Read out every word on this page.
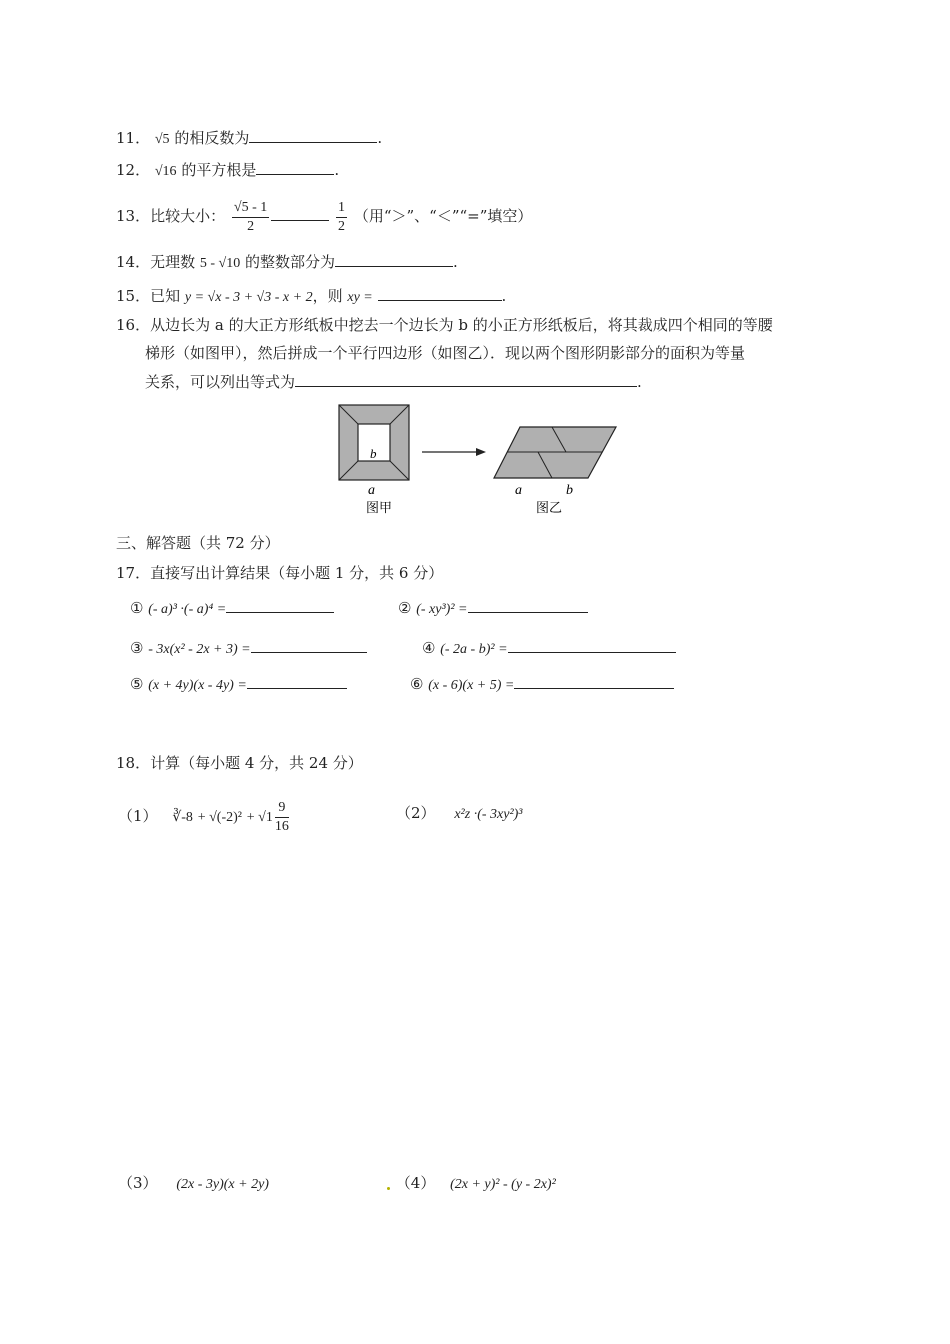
11． √5 的相反数为	.
12． √16 的平方根是	.
13．比较大小： $\frac{√5 - 1}{2}$
	$\frac{1}{2}$ （用“＞”、“＜”“=”填空）
14．无理数 5 - √10 的整数部分为	.
15．已知 y = √x - 3 + √3 - x + 2，则 xy =	.
16．从边长为 a 的大正方形纸板中挖去一个边长为 b 的小正方形纸板后，将其裁成四个相同的等腰
梯形（如图甲），然后拼成一个平行四边形（如图乙）．现以两个图形阴影部分的面积为等量
关系，可以列出等式为	.
b
a
图甲
a	b
图乙
三、解答题（共 72 分）
17．直接写出计算结果（每小题 1 分，共 6 分）
① (- a)³ ·(- a)⁴ =	② (- xy³)² =
③ - 3x(x² - 2x + 3) =	④ (- 2a - b)² =
⑤ (x + 4y)(x - 4y) =	⑥ (x - 6)(x + 5) =
18．计算（每小题 4 分，共 24 分）
（1） ∛-8 + $√(-2)^2 + √1 \frac{9}{16}$	（2） x²z ·(- 3xy²)³
（3） (2x - 3y)(x + 2y)	（4） (2x + y)² - (y - 2x)²
